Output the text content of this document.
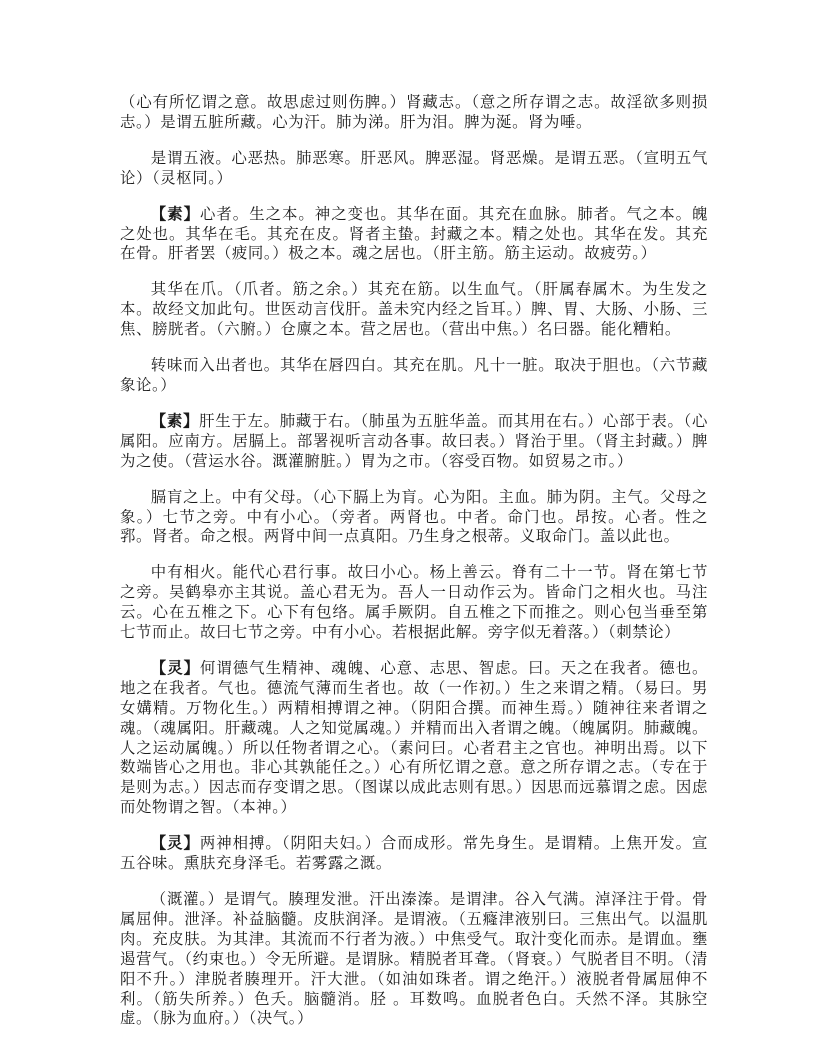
（心有所忆谓之意。故思虑过则伤脾。）肾藏志。（意之所存谓之志。故淫欲多则损志。）是谓五脏所藏。心为汗。肺为涕。肝为泪。脾为涎。肾为唾。

是谓五液。心恶热。肺恶寒。肝恶风。脾恶湿。肾恶燥。是谓五恶。（宣明五气论）（灵枢同。）

【素】心者。生之本。神之变也。其华在面。其充在血脉。肺者。气之本。魄之处也。其华在毛。其充在皮。肾者主蛰。封藏之本。精之处也。其华在发。其充在骨。肝者罢（疲同。）极之本。魂之居也。（肝主筋。筋主运动。故疲劳。）

其华在爪。（爪者。筋之余。）其充在筋。以生血气。（肝属春属木。为生发之本。故经文加此句。世医动言伐肝。盖未究内经之旨耳。）脾、胃、大肠、小肠、三焦、膀胱者。（六腑。）仓廪之本。营之居也。（营出中焦。）名曰器。能化糟粕。

转味而入出者也。其华在唇四白。其充在肌。凡十一脏。取决于胆也。（六节藏象论。）

【素】肝生于左。肺藏于右。（肺虽为五脏华盖。而其用在右。）心部于表。（心属阳。应南方。居膈上。部署视听言动各事。故曰表。）肾治于里。（肾主封藏。）脾为之使。（营运水谷。溉灌腑脏。）胃为之市。（容受百物。如贸易之市。）

膈肓之上。中有父母。（心下膈上为肓。心为阳。主血。肺为阴。主气。父母之象。）七节之旁。中有小心。（旁者。两肾也。中者。命门也。昂按。心者。性之郛。肾者。命之根。两肾中间一点真阳。乃生身之根蒂。义取命门。盖以此也。

中有相火。能代心君行事。故曰小心。杨上善云。脊有二十一节。肾在第七节之旁。吴鹤皋亦主其说。盖心君无为。吾人一日动作云为。皆命门之相火也。马注云。心在五椎之下。心下有包络。属手厥阴。自五椎之下而推之。则心包当垂至第七节而止。故曰七节之旁。中有小心。若根据此解。旁字似无着落。）（刺禁论）

【灵】何谓德气生精神、魂魄、心意、志思、智虑。曰。天之在我者。德也。地之在我者。气也。德流气薄而生者也。故（一作初。）生之来谓之精。（易曰。男女媾精。万物化生。）两精相搏谓之神。（阴阳合撰。而神生焉。）随神往来者谓之魂。（魂属阳。肝藏魂。人之知觉属魂。）并精而出入者谓之魄。（魄属阴。肺藏魄。人之运动属魄。）所以任物者谓之心。（素问曰。心者君主之官也。神明出焉。以下数端皆心之用也。非心其孰能任之。）心有所忆谓之意。意之所存谓之志。（专在于是则为志。）因志而存变谓之思。（图谋以成此志则有思。）因思而远慕谓之虑。因虑而处物谓之智。（本神。）

【灵】两神相搏。（阴阳夫妇。）合而成形。常先身生。是谓精。上焦开发。宣五谷味。熏肤充身泽毛。若雾露之溉。

（溉灌。）是谓气。腠理发泄。汗出溱溱。是谓津。谷入气满。淖泽注于骨。骨属屈伸。泄泽。补益脑髓。皮肤润泽。是谓液。（五癃津液别曰。三焦出气。以温肌肉。充皮肤。为其津。其流而不行者为液。）中焦受气。取汁变化而赤。是谓血。壅遏营气。（约束也。）令无所避。是谓脉。精脱者耳聋。（肾衰。）气脱者目不明。（清阳不升。）津脱者腠理开。汗大泄。（如油如珠者。谓之绝汗。）液脱者骨属屈伸不利。（筋失所养。）色夭。脑髓消。胫 。耳数鸣。血脱者色白。夭然不泽。其脉空虚。（脉为血府。）（决气。）
